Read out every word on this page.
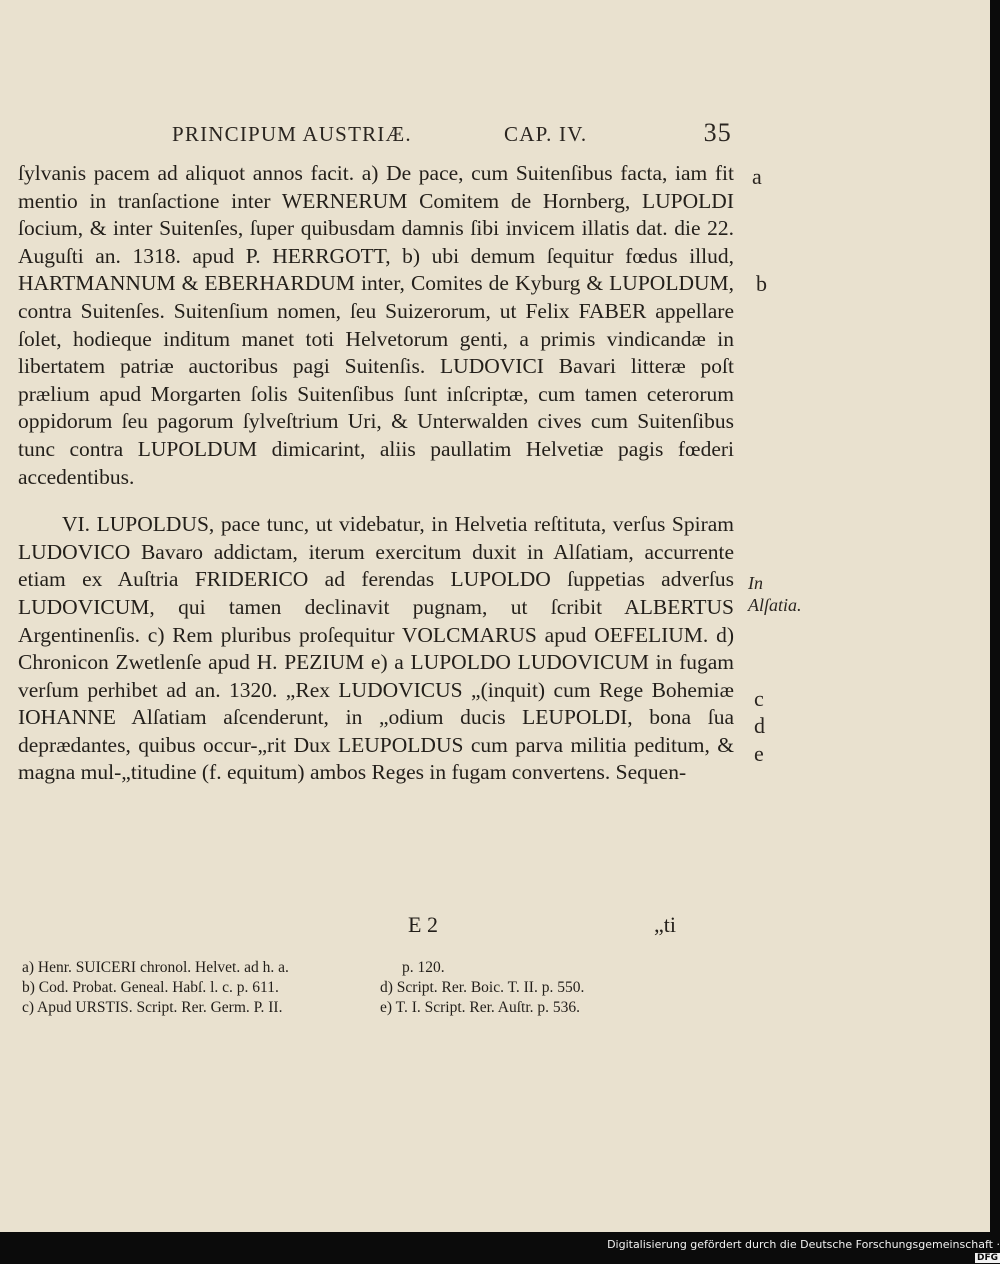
PRINCIPUM AUSTRIÆ.	CAP. IV.	35

ſylvanis pacem ad aliquot annos facit. a) De pace, cum Suitenſibus facta, iam fit mentio in tranſactione inter WERNERUM Comitem de Hornberg, LUPOLDI ſocium, & inter Suitenſes, ſuper quibusdam damnis ſibi invicem illatis dat. die 22. Auguſti an. 1318. apud P. HERRGOTT, b) ubi demum ſequitur fœdus illud, HARTMANNUM & EBERHARDUM inter, Comites de Kyburg & LUPOLDUM, contra Suitenſes. Suitenſium nomen, ſeu Suizerorum, ut Felix FABER appellare ſolet, hodieque inditum manet toti Helvetorum genti, a primis vindicandæ in libertatem patriæ auctoribus pagi Suitenſis. LUDOVICI Bavari litteræ poſt prælium apud Morgarten ſolis Suitenſibus ſunt inſcriptæ, cum tamen ceterorum oppidorum ſeu pagorum ſylveſtrium Uri, & Unterwalden cives cum Suitenſibus tunc contra LUPOLDUM dimicarint, aliis paullatim Helvetiæ pagis fœderi accedentibus.

VI. LUPOLDUS, pace tunc, ut videbatur, in Helvetia reſtituta, verſus Spiram LUDOVICO Bavaro addictam, iterum exercitum duxit in Alſatiam, accurrente etiam ex Auſtria FRIDERICO ad ferendas LUPOLDO ſuppetias adverſus LUDOVICUM, qui tamen declinavit pugnam, ut ſcribit ALBERTUS Argentinenſis. c) Rem pluribus proſequitur VOLCMARUS apud OEFELIUM. d) Chronicon Zwetlenſe apud H. PEZIUM e) a LUPOLDO LUDOVICUM in fugam verſum perhibet ad an. 1320. „Rex LUDOVICUS „(inquit) cum Rege Bohemiæ IOHANNE Alſatiam aſcenderunt, in „odium ducis LEUPOLDI, bona ſua deprædantes, quibus occur-„rit Dux LEUPOLDUS cum parva militia peditum, & magna mul-„titudine (f. equitum) ambos Reges in fugam convertens. Sequen-

a
b
c
d
e
In Alſatia.
E 2	„ti
a) Henr. SUICERI chronol. Helvet. ad h. a.	p. 120.
b) Cod. Probat. Geneal. Habſ. l. c. p. 611.	d) Script. Rer. Boic. T. II. p. 550.
c) Apud URSTIS. Script. Rer. Germ. P. II.	e) T. I. Script. Rer. Auſtr. p. 536.
Digitalisierung gefördert durch die Deutsche Forschungsgemeinschaft · DFG
